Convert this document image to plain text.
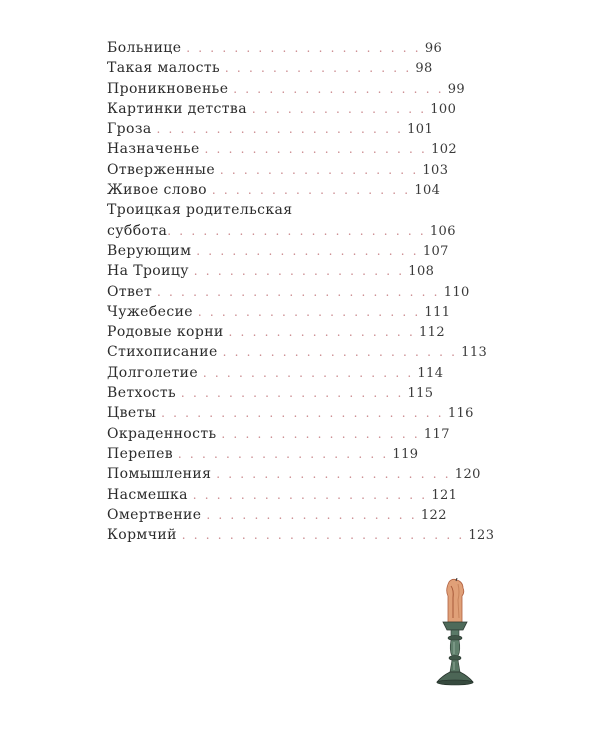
Больнице . . . . . . . . . . . . . . . . . . . . 96
Такая малость . . . . . . . . . . . . . . . . 98
Проникновенье . . . . . . . . . . . . . . . . . . 99
Картинки детства . . . . . . . . . . . . . . . 100
Гроза . . . . . . . . . . . . . . . . . . . . . 101
Назначенье . . . . . . . . . . . . . . . . . . . 102
Отверженные . . . . . . . . . . . . . . . . . 103
Живое слово . . . . . . . . . . . . . . . . . 104
Троицкая родительская
суббота. . . . . . . . . . . . . . . . . . . . . . 106
Верующим . . . . . . . . . . . . . . . . . . . 107
На Троицу . . . . . . . . . . . . . . . . . . 108
Ответ . . . . . . . . . . . . . . . . . . . . . . . . 110
Чужебесие . . . . . . . . . . . . . . . . . . . 111
Родовые корни . . . . . . . . . . . . . . . . 112
Стихописание . . . . . . . . . . . . . . . . . . . . 113
Долголетие . . . . . . . . . . . . . . . . . . 114
Ветхость . . . . . . . . . . . . . . . . . . . 115
Цветы . . . . . . . . . . . . . . . . . . . . . . . . 116
Окраденность . . . . . . . . . . . . . . . . . 117
Перепев . . . . . . . . . . . . . . . . . . 119
Помышления . . . . . . . . . . . . . . . . . . . . 120
Насмешка . . . . . . . . . . . . . . . . . . . . 121
Омертвение . . . . . . . . . . . . . . . . . . 122
Кормчий . . . . . . . . . . . . . . . . . . . . . . . . 123
